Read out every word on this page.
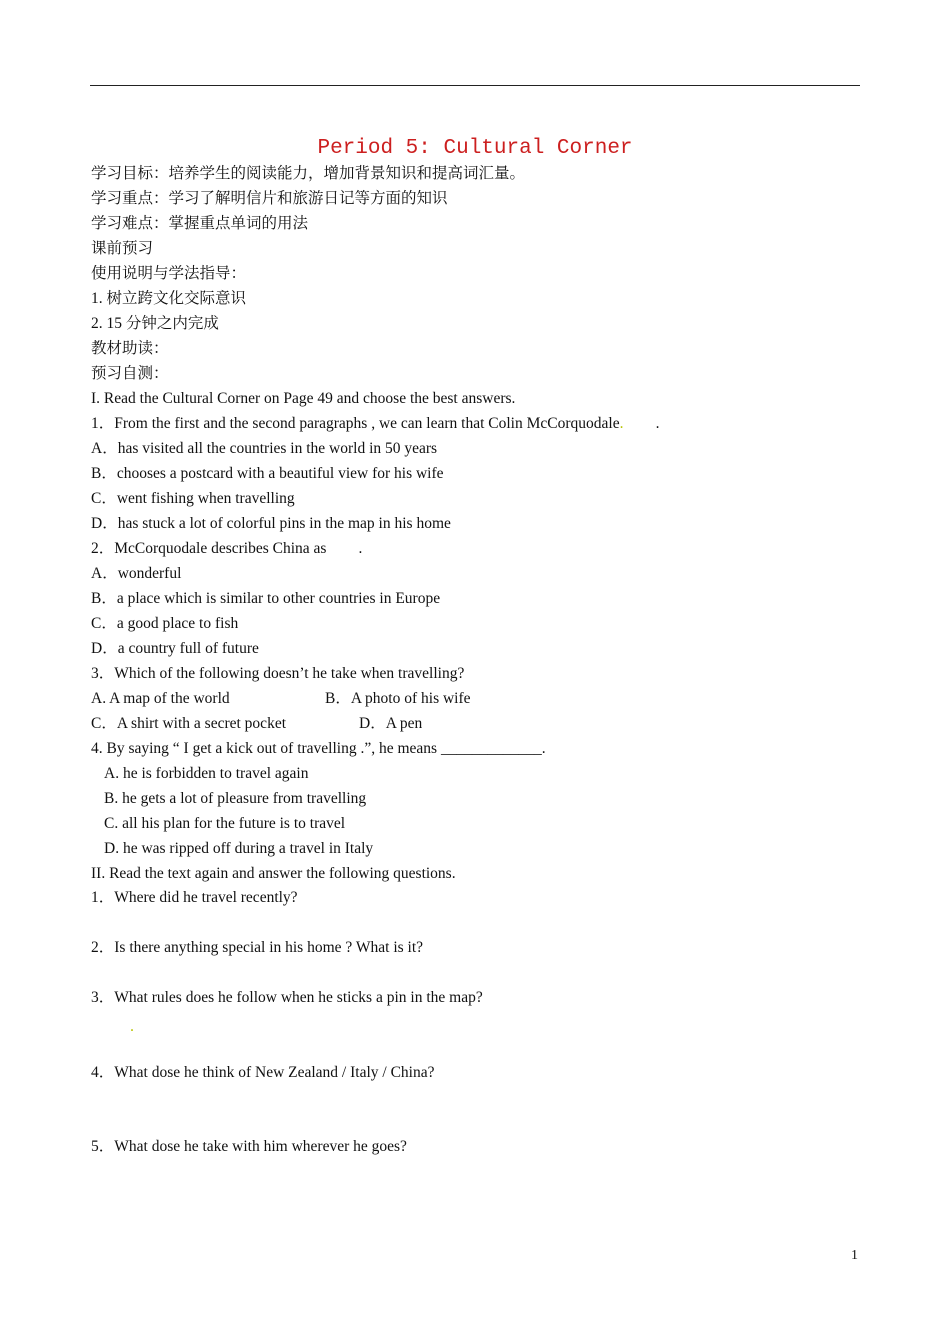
Period 5: Cultural Corner
学习目标：培养学生的阅读能力，增加背景知识和提高词汇量。
学习重点：学习了解明信片和旅游日记等方面的知识
学习难点：掌握重点单词的用法
课前预习
使用说明与学法指导：
1. 树立跨文化交际意识
2. 15 分钟之内完成
教材助读：
预习自测：
I. Read the Cultural Corner on Page 49 and choose the best answers.
1．From the first and the second paragraphs , we can learn that Colin McCorquodale. .
A．has visited all the countries in the world in 50 years
B．chooses a postcard with a beautiful view for his wife
C．went fishing when travelling
D．has stuck a lot of colorful pins in the map in his home
2．McCorquodale describes China as .
A．wonderful
B．a place which is similar to other countries in Europe
C．a good place to fish
D．a country full of future
3．Which of the following doesn’t he take when travelling?
A. A map of the world	B．A photo of his wife
C．A shirt with a secret pocket	D．A pen
4. By saying “ I get a kick out of travelling .”, he means _____________.
A. he is forbidden to travel again
B. he gets a lot of pleasure from travelling
C. all his plan for the future is to travel
D. he was ripped off during a travel in Italy
II. Read the text again and answer the following questions.
1．Where did he travel recently?
2．Is there anything special in his home ? What is it?
3．What rules does he follow when he sticks a pin in the map?
.
4．What dose he think of New Zealand / Italy / China?
5．What dose he take with him wherever he goes?
1
